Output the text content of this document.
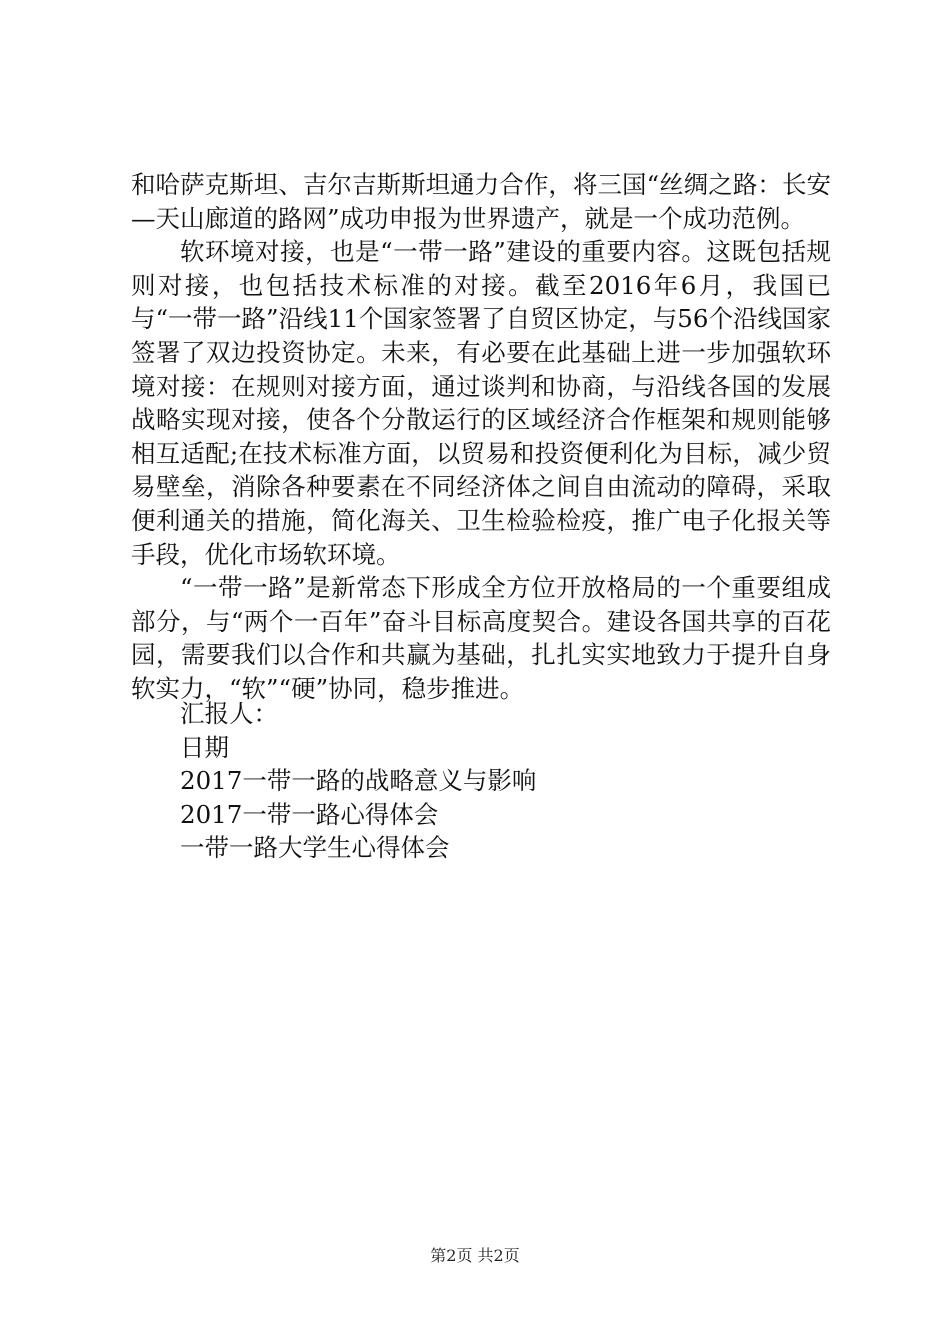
和哈萨克斯坦、吉尔吉斯斯坦通力合作，将三国“丝绸之路：长安—天山廊道的路网”成功申报为世界遗产，就是一个成功范例。

软环境对接，也是“一带一路”建设的重要内容。这既包括规则对接，也包括技术标准的对接。截至2016年6月，我国已与“一带一路”沿线11个国家签署了自贸区协定，与56个沿线国家签署了双边投资协定。未来，有必要在此基础上进一步加强软环境对接：在规则对接方面，通过谈判和协商，与沿线各国的发展战略实现对接，使各个分散运行的区域经济合作框架和规则能够相互适配;在技术标准方面，以贸易和投资便利化为目标，减少贸易壁垒，消除各种要素在不同经济体之间自由流动的障碍，采取便利通关的措施，简化海关、卫生检验检疫，推广电子化报关等手段，优化市场软环境。

“一带一路”是新常态下形成全方位开放格局的一个重要组成部分，与“两个一百年”奋斗目标高度契合。建设各国共享的百花园，需要我们以合作和共赢为基础，扎扎实实地致力于提升自身软实力，“软”“硬”协同，稳步推进。

汇报人：
日期
2017一带一路的战略意义与影响
2017一带一路心得体会
一带一路大学生心得体会
第2页 共2页
